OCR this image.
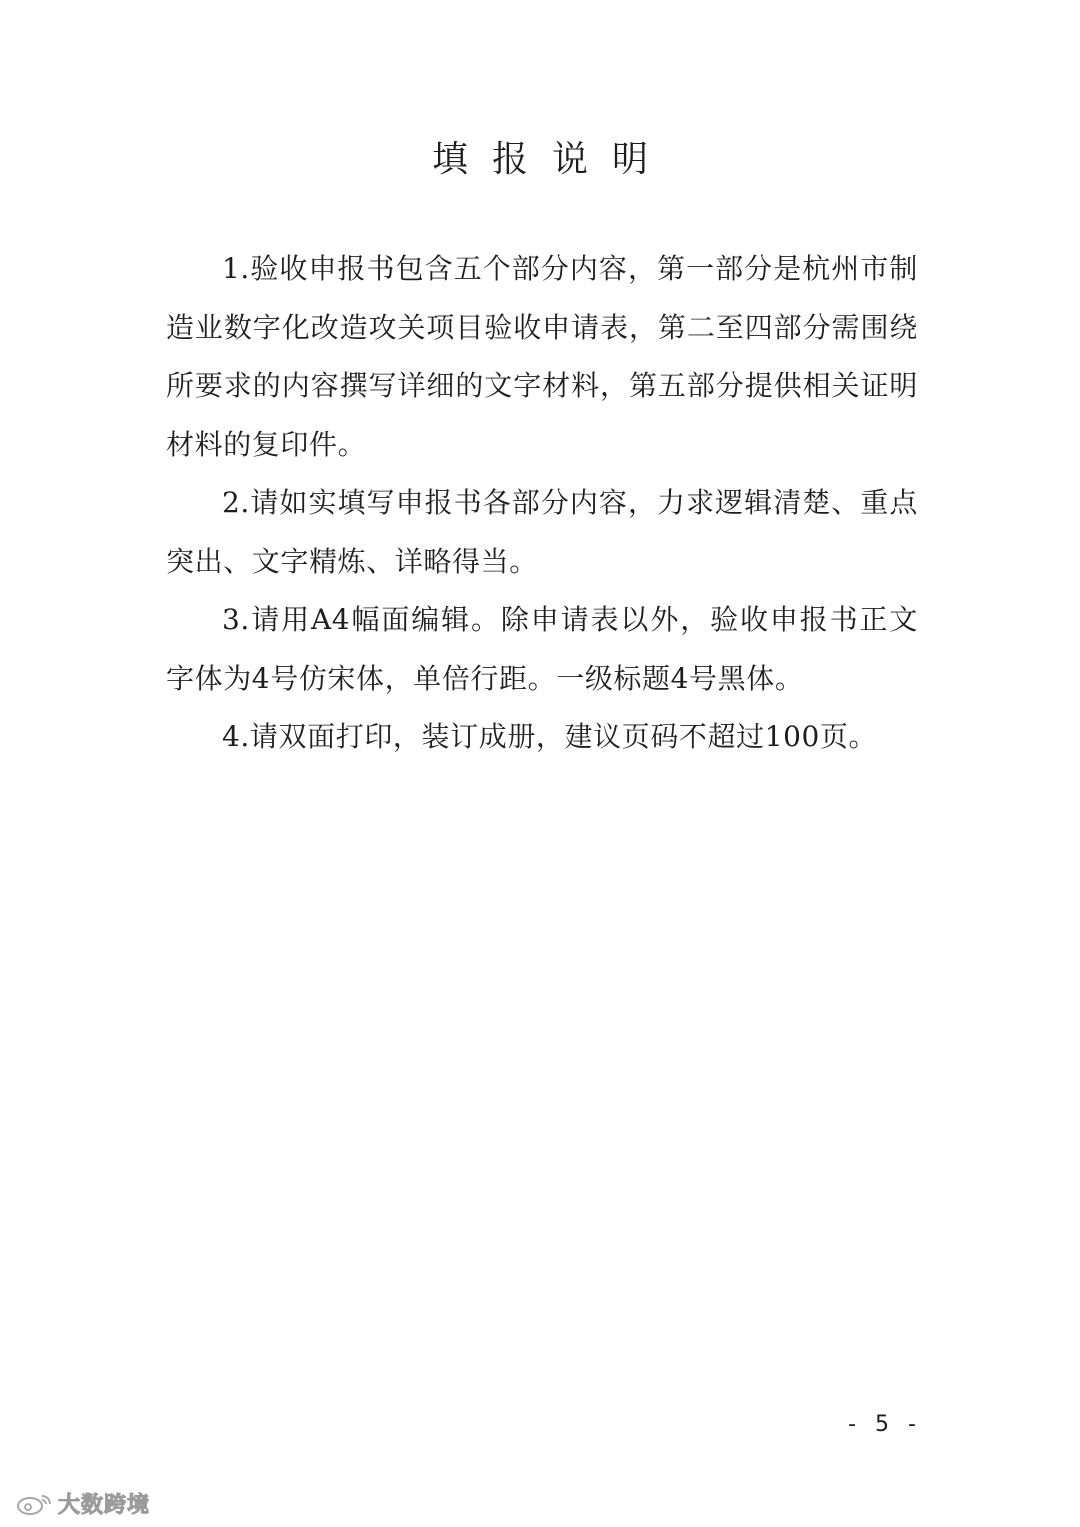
填报说明

1.验收申报书包含五个部分内容，第一部分是杭州市制造业数字化改造攻关项目验收申请表，第二至四部分需围绕所要求的内容撰写详细的文字材料，第五部分提供相关证明材料的复印件。

2.请如实填写申报书各部分内容，力求逻辑清楚、重点突出、文字精炼、详略得当。

3.请用A4幅面编辑。除申请表以外，验收申报书正文字体为4号仿宋体，单倍行距。一级标题4号黑体。

4.请双面打印，装订成册，建议页码不超过100页。

- 5 -
大数跨境
